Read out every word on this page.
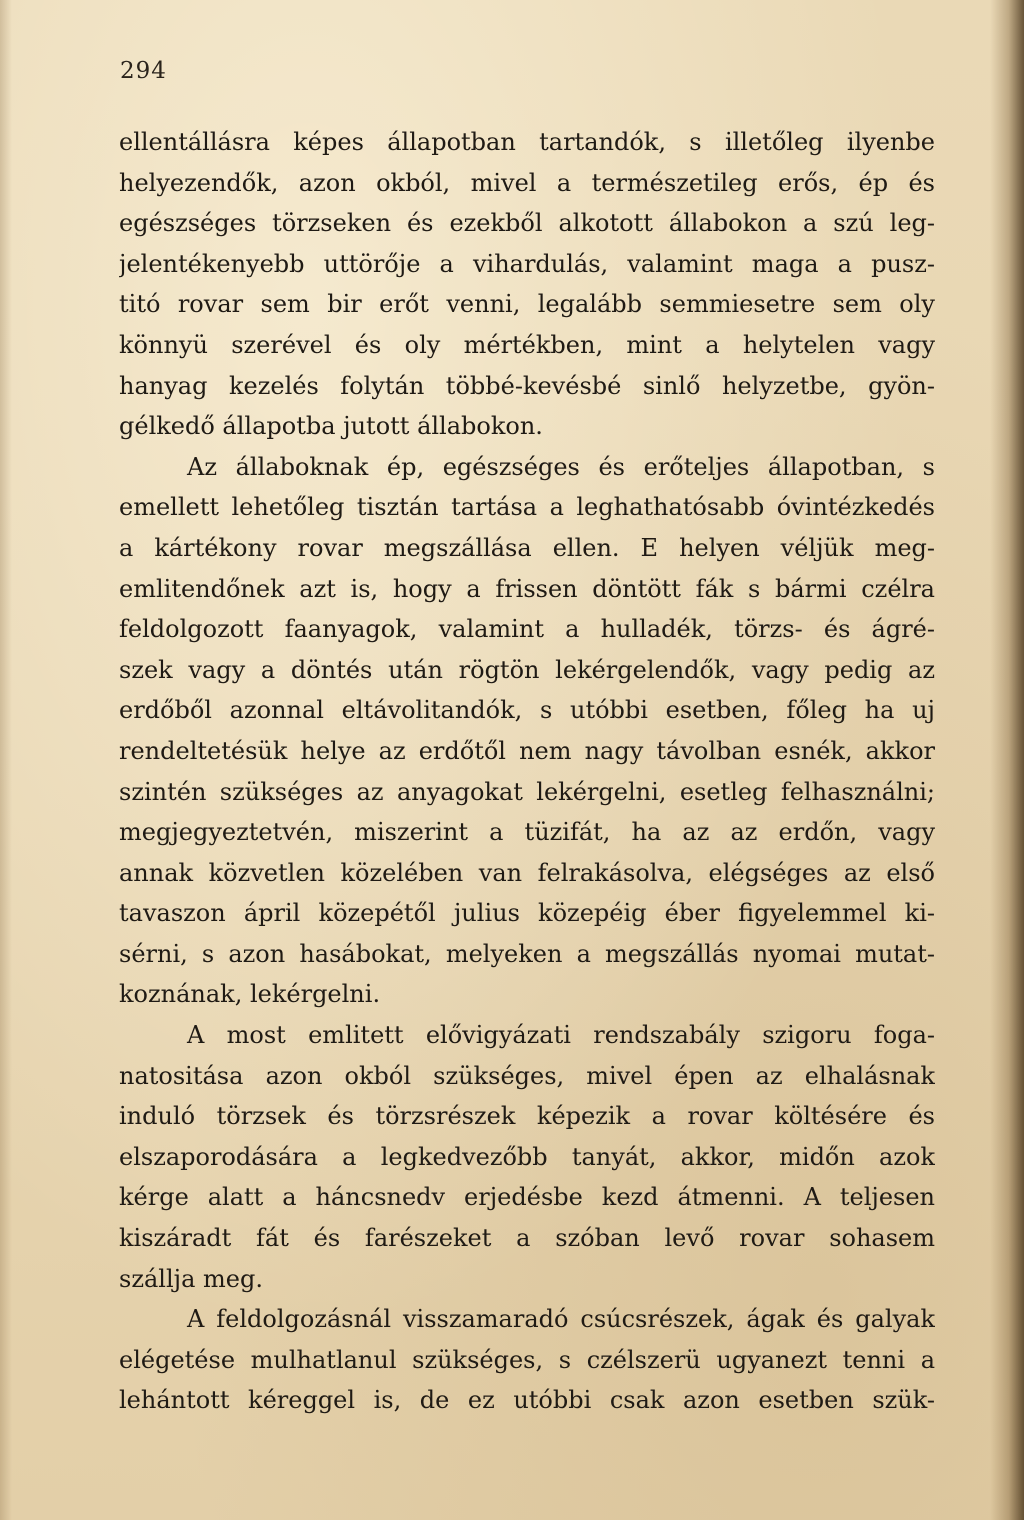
294
ellentállásra képes állapotban tartandók, s illetőleg ilyenbe
helyezendők, azon okból, mivel a természetileg erős, ép és
egészséges törzseken és ezekből alkotott állabokon a szú leg-
jelentékenyebb uttörője a vihardulás, valamint maga a pusz-
titó rovar sem bir erőt venni, legalább semmiesetre sem oly
könnyü szerével és oly mértékben, mint a helytelen vagy
hanyag kezelés folytán többé-kevésbé sinlő helyzetbe, gyön-
gélkedő állapotba jutott állabokon.
Az állaboknak ép, egészséges és erőteljes állapotban, s
emellett lehetőleg tisztán tartása a leghathatósabb óvintézkedés
a kártékony rovar megszállása ellen. E helyen véljük meg-
emlitendőnek azt is, hogy a frissen döntött fák s bármi czélra
feldolgozott faanyagok, valamint a hulladék, törzs- és ágré-
szek vagy a döntés után rögtön lekérgelendők, vagy pedig az
erdőből azonnal eltávolitandók, s utóbbi esetben, főleg ha uj
rendeltetésük helye az erdőtől nem nagy távolban esnék, akkor
szintén szükséges az anyagokat lekérgelni, esetleg felhasználni;
megjegyeztetvén, miszerint a tüzifát, ha az az erdőn, vagy
annak közvetlen közelében van felrakásolva, elégséges az első
tavaszon ápril közepétől julius közepéig éber figyelemmel ki-
sérni, s azon hasábokat, melyeken a megszállás nyomai mutat-
koznának, lekérgelni.
A most emlitett elővigyázati rendszabály szigoru foga-
natositása azon okból szükséges, mivel épen az elhalásnak
induló törzsek és törzsrészek képezik a rovar költésére és
elszaporodására a legkedvezőbb tanyát, akkor, midőn azok
kérge alatt a háncsnedv erjedésbe kezd átmenni. A teljesen
kiszáradt fát és farészeket a szóban levő rovar sohasem
szállja meg.
A feldolgozásnál visszamaradó csúcsrészek, ágak és galyak
elégetése mulhatlanul szükséges, s czélszerü ugyanezt tenni a
lehántott kéreggel is, de ez utóbbi csak azon esetben szük-
